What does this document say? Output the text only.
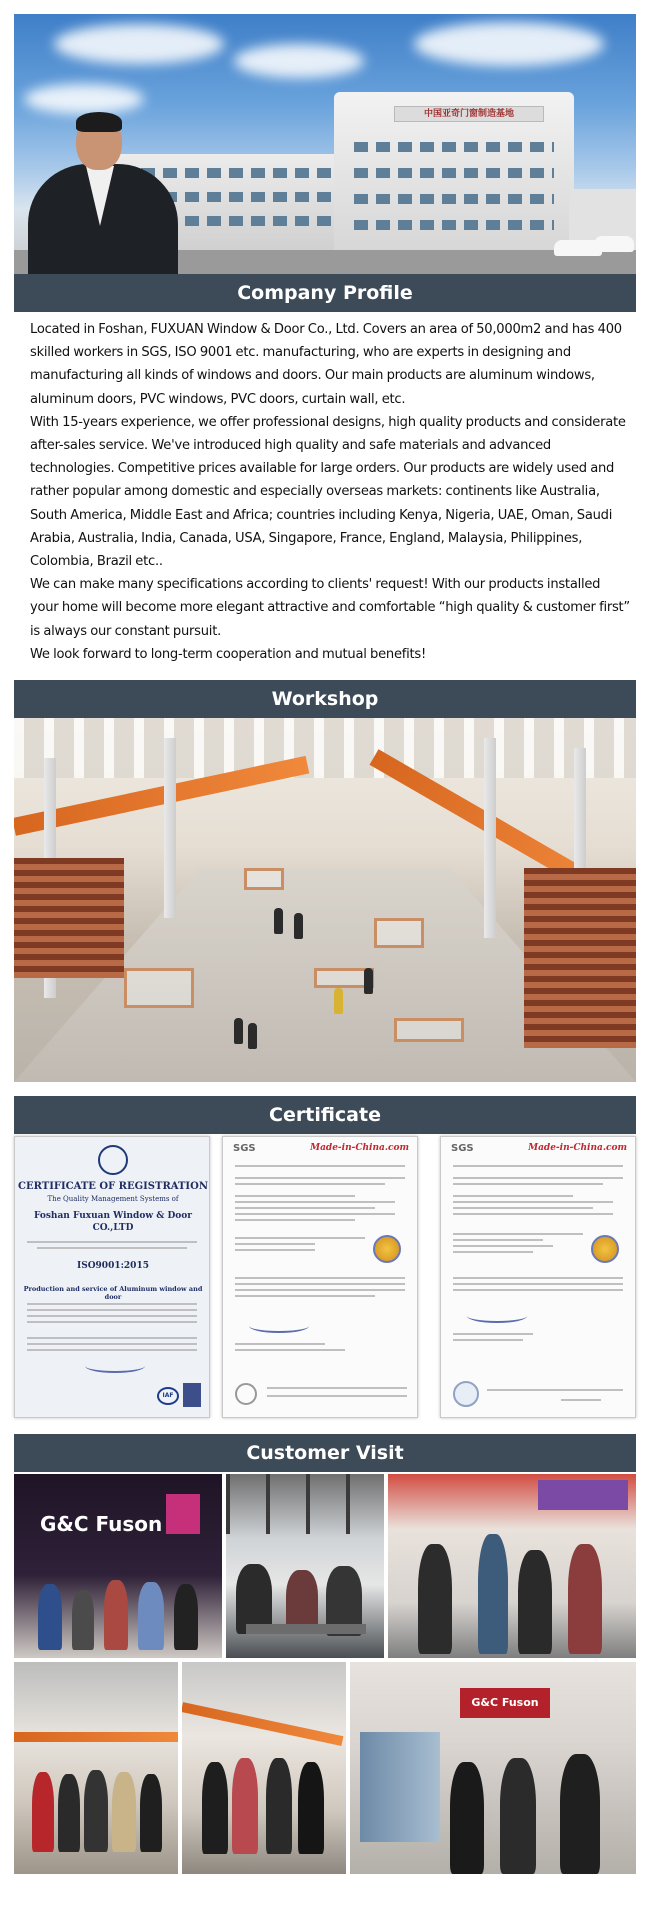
中国亚奇门窗制造基地
Company Profile

Located in Foshan, FUXUAN Window & Door Co., Ltd. Covers an area of 50,000m2 and has 400 skilled workers in SGS, ISO 9001 etc. manufacturing, who are experts in designing and manufacturing all kinds of windows and doors. Our main products are aluminum windows, aluminum doors, PVC windows, PVC doors, curtain wall, etc.

With 15-years experience, we offer professional designs, high quality products and considerate after-sales service. We've introduced high quality and safe materials and advanced technologies. Competitive prices available for large orders. Our products are widely used and rather popular among domestic and especially overseas markets: continents like Australia, South America, Middle East and Africa; countries including Kenya, Nigeria, UAE, Oman, Saudi Arabia, Australia, India, Canada, USA, Singapore, France, England, Malaysia, Philippines, Colombia, Brazil etc..

We can make many specifications according to clients' request! With our products installed your home will become more elegant attractive and comfortable “high quality & customer first” is always our constant pursuit.

We look forward to long-term cooperation and mutual benefits!

Workshop
Certificate
CERTIFICATE OF REGISTRATION
The Quality Management Systems of
Foshan Fuxuan Window & Door
CO.,LTD
ISO9001:2015
Production and service of Aluminum window and door
IAF
SGS	Made-in-China.com	SGS	Made-in-China.com
Customer Visit
G&C Fuson
G&C Fuson
